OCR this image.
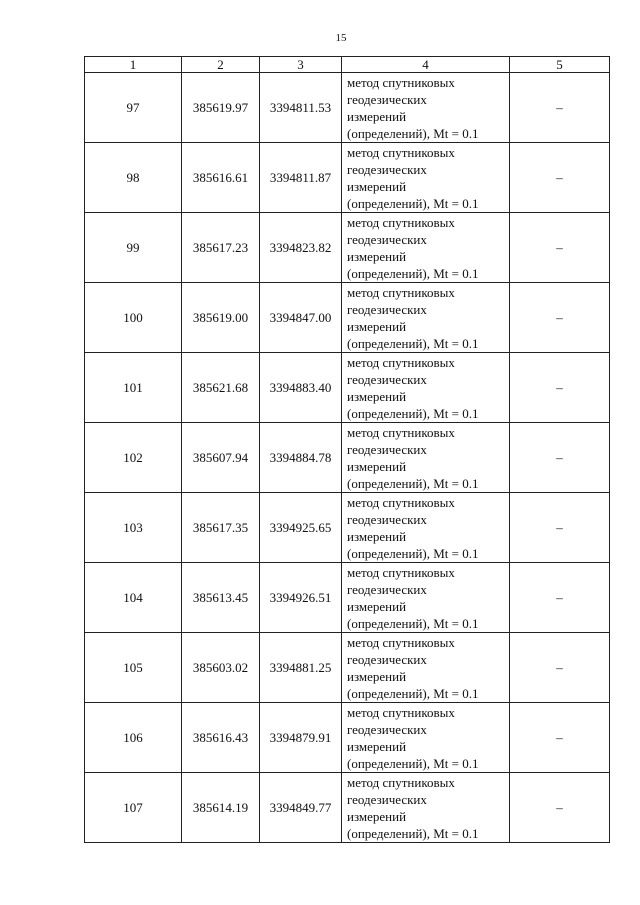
15
1	2	3	4	5
97	385619.97	3394811.53	метод спутниковых
геодезических
измерений
(определений), Mt = 0.1	–
98	385616.61	3394811.87	метод спутниковых
геодезических
измерений
(определений), Mt = 0.1	–
99	385617.23	3394823.82	метод спутниковых
геодезических
измерений
(определений), Mt = 0.1	–
100	385619.00	3394847.00	метод спутниковых
геодезических
измерений
(определений), Mt = 0.1	–
101	385621.68	3394883.40	метод спутниковых
геодезических
измерений
(определений), Mt = 0.1	–
102	385607.94	3394884.78	метод спутниковых
геодезических
измерений
(определений), Mt = 0.1	–
103	385617.35	3394925.65	метод спутниковых
геодезических
измерений
(определений), Mt = 0.1	–
104	385613.45	3394926.51	метод спутниковых
геодезических
измерений
(определений), Mt = 0.1	–
105	385603.02	3394881.25	метод спутниковых
геодезических
измерений
(определений), Mt = 0.1	–
106	385616.43	3394879.91	метод спутниковых
геодезических
измерений
(определений), Mt = 0.1	–
107	385614.19	3394849.77	метод спутниковых
геодезических
измерений
(определений), Mt = 0.1	–
